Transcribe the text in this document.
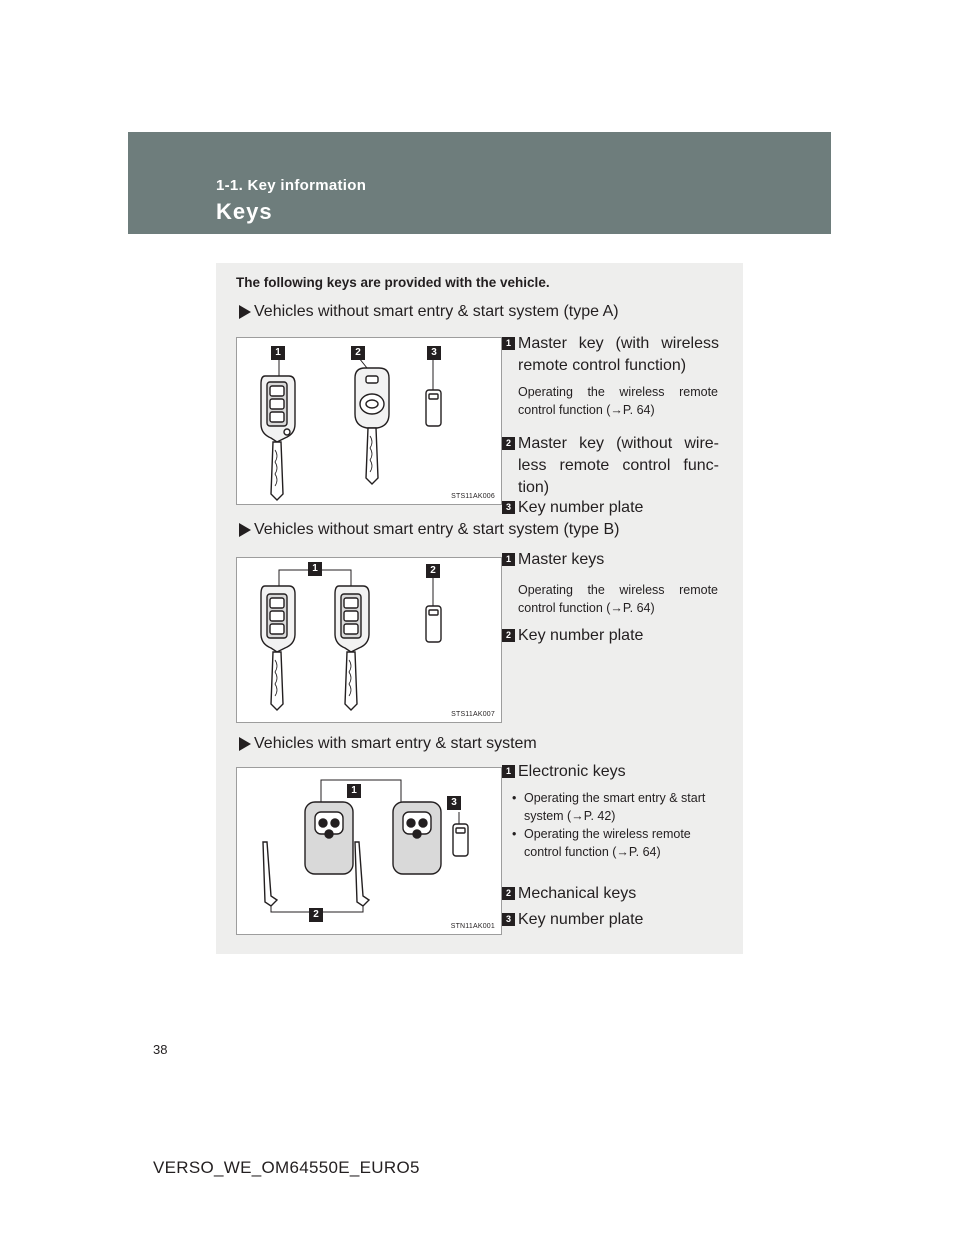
1-1. Key information
Keys
The following keys are provided with the vehicle.
Vehicles without smart entry & start system (type A)
1	2	3
STS11AK006
1 Master key (with wireless remote control function)
Operating the wireless remote control function (→P. 64)
2 Master key (without wire-less remote control func-tion)
3 Key number plate
Vehicles without smart entry & start system (type B)
1	2
STS11AK007
1 Master keys
Operating the wireless remote control function (→P. 64)
2 Key number plate
Vehicles with smart entry & start system
1
2
3
STN11AK001
1 Electronic keys
• Operating the smart entry & start system (→P. 42)
• Operating the wireless remote control function (→P. 64)
2 Mechanical keys
3 Key number plate
38
VERSO_WE_OM64550E_EURO5
